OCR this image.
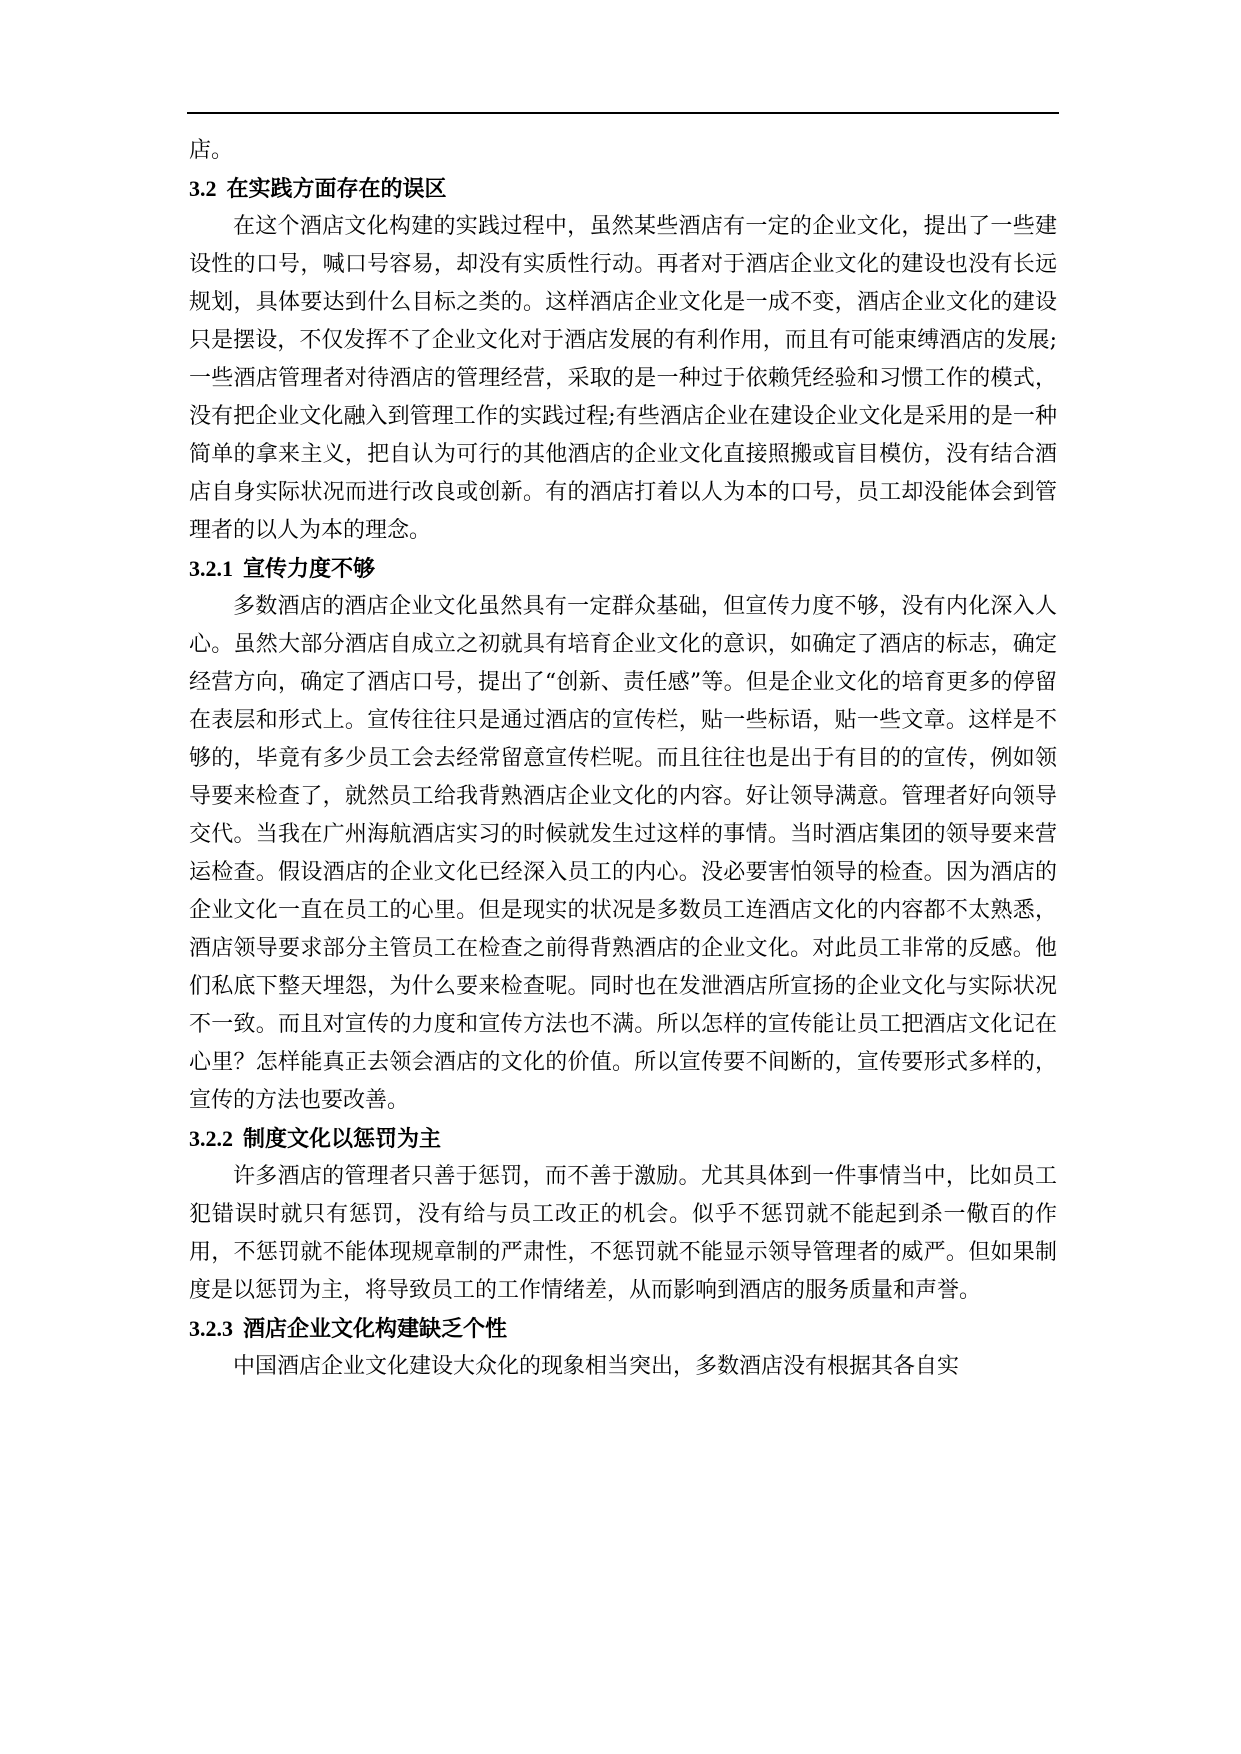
店。

3.2 在实践方面存在的误区

在这个酒店文化构建的实践过程中，虽然某些酒店有一定的企业文化，提出了一些建设性的口号，喊口号容易，却没有实质性行动。再者对于酒店企业文化的建设也没有长远规划，具体要达到什么目标之类的。这样酒店企业文化是一成不变，酒店企业文化的建设只是摆设，不仅发挥不了企业文化对于酒店发展的有利作用，而且有可能束缚酒店的发展;一些酒店管理者对待酒店的管理经营，采取的是一种过于依赖凭经验和习惯工作的模式，没有把企业文化融入到管理工作的实践过程;有些酒店企业在建设企业文化是采用的是一种简单的拿来主义，把自认为可行的其他酒店的企业文化直接照搬或盲目模仿，没有结合酒店自身实际状况而进行改良或创新。有的酒店打着以人为本的口号，员工却没能体会到管理者的以人为本的理念。

3.2.1 宣传力度不够

多数酒店的酒店企业文化虽然具有一定群众基础，但宣传力度不够，没有内化深入人心。虽然大部分酒店自成立之初就具有培育企业文化的意识，如确定了酒店的标志，确定经营方向，确定了酒店口号，提出了“创新、责任感”等。但是企业文化的培育更多的停留在表层和形式上。宣传往往只是通过酒店的宣传栏，贴一些标语，贴一些文章。这样是不够的，毕竟有多少员工会去经常留意宣传栏呢。而且往往也是出于有目的的宣传，例如领导要来检查了，就然员工给我背熟酒店企业文化的内容。好让领导满意。管理者好向领导交代。当我在广州海航酒店实习的时候就发生过这样的事情。当时酒店集团的领导要来营运检查。假设酒店的企业文化已经深入员工的内心。没必要害怕领导的检查。因为酒店的企业文化一直在员工的心里。但是现实的状况是多数员工连酒店文化的内容都不太熟悉，酒店领导要求部分主管员工在检查之前得背熟酒店的企业文化。对此员工非常的反感。他们私底下整天埋怨，为什么要来检查呢。同时也在发泄酒店所宣扬的企业文化与实际状况不一致。而且对宣传的力度和宣传方法也不满。所以怎样的宣传能让员工把酒店文化记在心里？怎样能真正去领会酒店的文化的价值。所以宣传要不间断的，宣传要形式多样的，宣传的方法也要改善。

3.2.2 制度文化以惩罚为主

许多酒店的管理者只善于惩罚，而不善于激励。尤其具体到一件事情当中，比如员工犯错误时就只有惩罚，没有给与员工改正的机会。似乎不惩罚就不能起到杀一儆百的作用，不惩罚就不能体现规章制的严肃性，不惩罚就不能显示领导管理者的威严。但如果制度是以惩罚为主，将导致员工的工作情绪差，从而影响到酒店的服务质量和声誉。

3.2.3 酒店企业文化构建缺乏个性

中国酒店企业文化建设大众化的现象相当突出，多数酒店没有根据其各自实
